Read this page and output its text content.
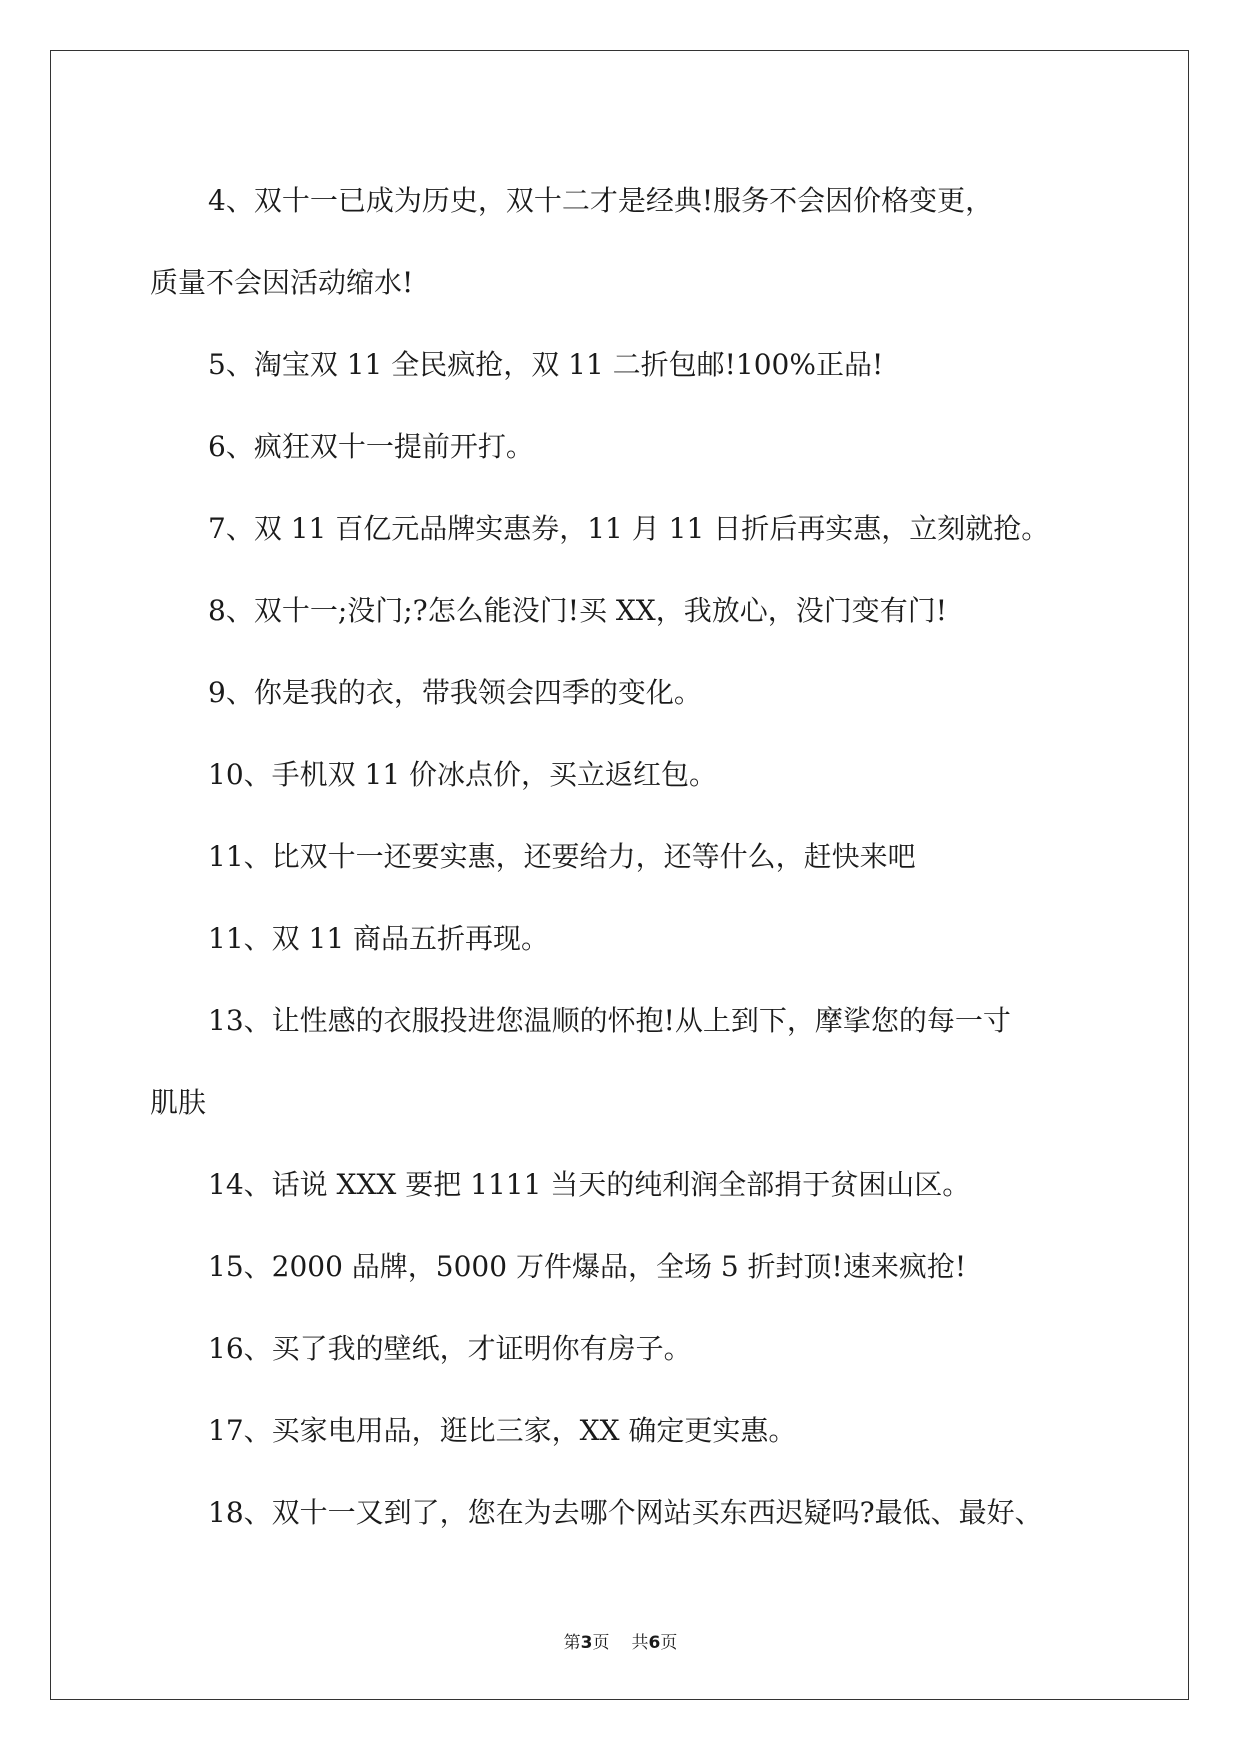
4、双十一已成为历史，双十二才是经典!服务不会因价格变更，

质量不会因活动缩水!

5、淘宝双 11 全民疯抢，双 11 二折包邮!100%正品!

6、疯狂双十一提前开打。

7、双 11 百亿元品牌实惠券，11 月 11 日折后再实惠，立刻就抢。

8、双十一;没门;?怎么能没门!买 XX，我放心，没门变有门!

9、你是我的衣，带我领会四季的变化。

10、手机双 11 价冰点价，买立返红包。

11、比双十一还要实惠，还要给力，还等什么，赶快来吧

11、双 11 商品五折再现。

13、让性感的衣服投进您温顺的怀抱!从上到下，摩挲您的每一寸

肌肤

14、话说 XXX 要把 1111 当天的纯利润全部捐于贫困山区。

15、2000 品牌，5000 万件爆品，全场 5 折封顶!速来疯抢!

16、买了我的壁纸，才证明你有房子。

17、买家电用品，逛比三家，XX 确定更实惠。

18、双十一又到了，您在为去哪个网站买东西迟疑吗?最低、最好、

第3页 共6页
